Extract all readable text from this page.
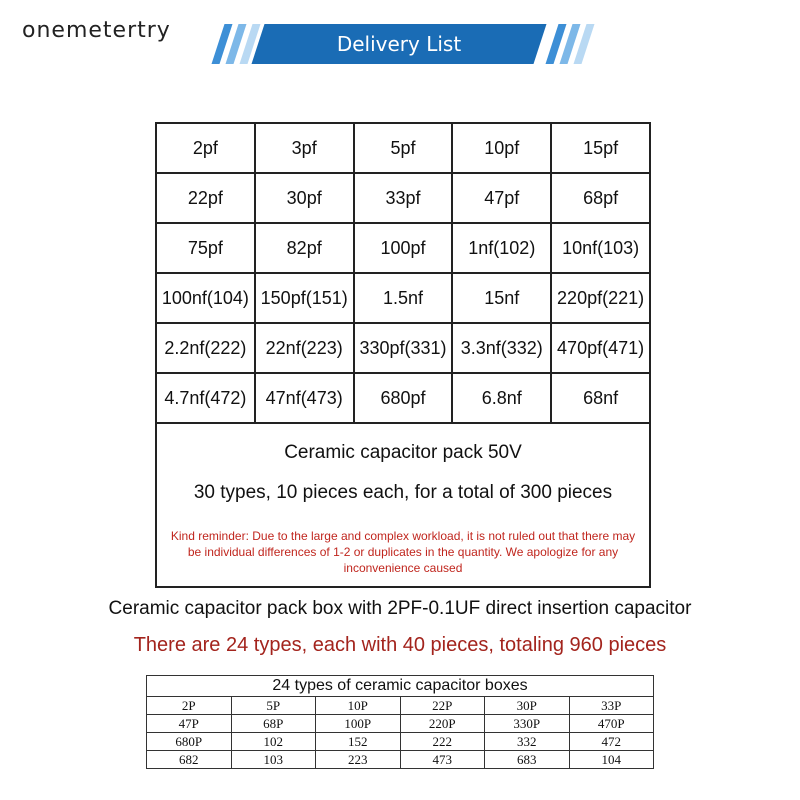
onemetertry
Delivery List
2pf	3pf	5pf	10pf	15pf
22pf	30pf	33pf	47pf	68pf
75pf	82pf	100pf	1nf(102)	10nf(103)
100nf(104)	150pf(151)	1.5nf	15nf	220pf(221)
2.2nf(222)	22nf(223)	330pf(331)	3.3nf(332)	470pf(471)
4.7nf(472)	47nf(473)	680pf	6.8nf	68nf

Ceramic capacitor pack 50V
30 types, 10 pieces each, for a total of 300 pieces
Kind reminder: Due to the large and complex workload, it is not ruled out that there may be individual differences of 1-2 or duplicates in the quantity. We apologize for any inconvenience caused				
Ceramic capacitor pack box with 2PF-0.1UF direct insertion capacitor
There are 24 types, each with 40 pieces, totaling 960 pieces
24 types of ceramic capacitor boxes					
2P	5P	10P	22P	30P	33P
47P	68P	100P	220P	330P	470P
680P	102	152	222	332	472
682	103	223	473	683	104
